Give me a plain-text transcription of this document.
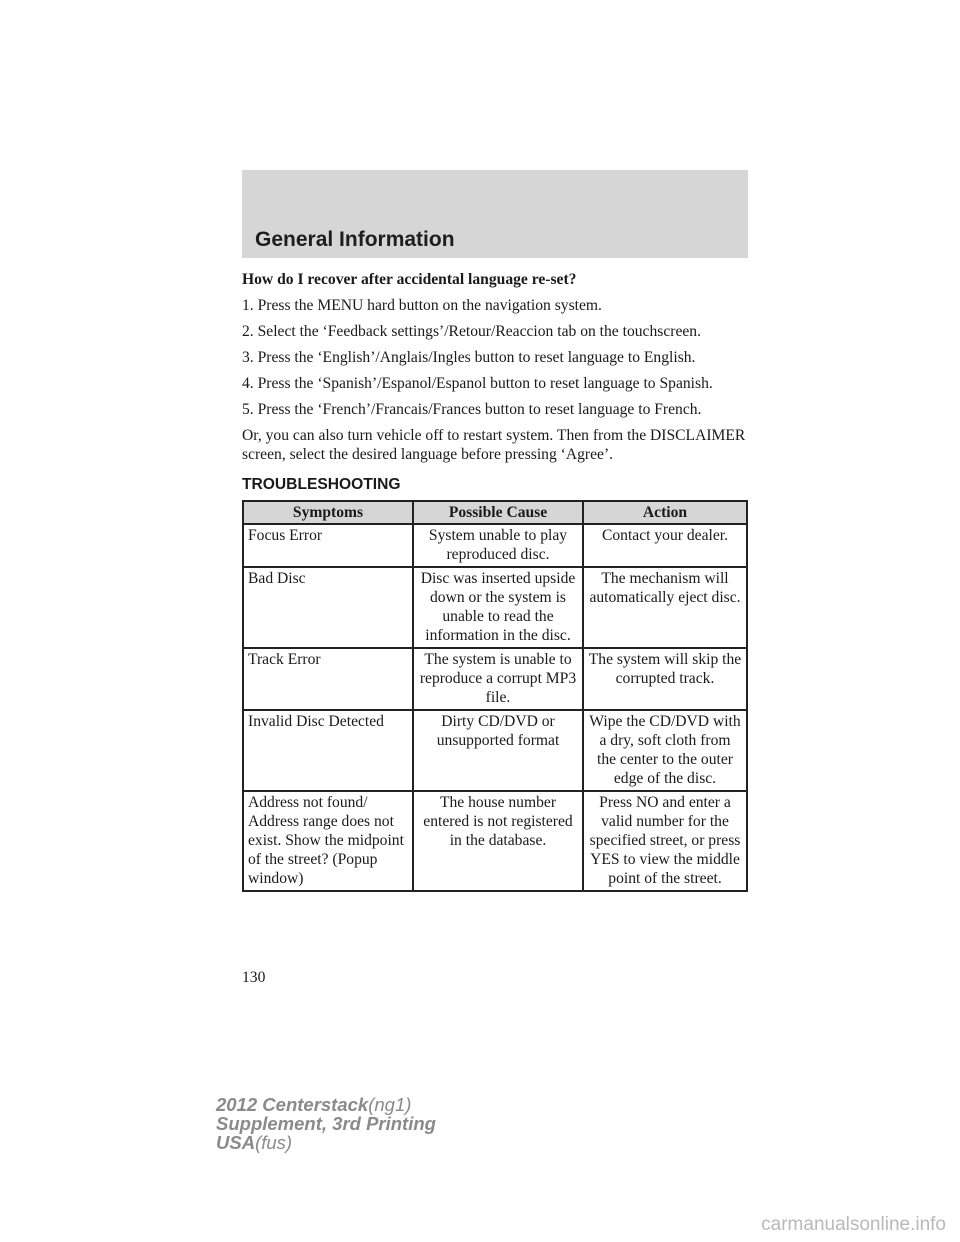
General Information

How do I recover after accidental language re-set?

1. Press the MENU hard button on the navigation system.

2. Select the ‘Feedback settings’/Retour/Reaccion tab on the touchscreen.

3. Press the ‘English’/Anglais/Ingles button to reset language to English.

4. Press the ‘Spanish’/Espanol/Espanol button to reset language to Spanish.

5. Press the ‘French’/Francais/Frances button to reset language to French.

Or, you can also turn vehicle off to restart system. Then from the DISCLAIMER screen, select the desired language before pressing ‘Agree’.

TROUBLESHOOTING
Symptoms	Possible Cause	Action
Focus Error	System unable to play reproduced disc.	Contact your dealer.
Bad Disc	Disc was inserted upside down or the system is unable to read the information in the disc.	The mechanism will automatically eject disc.
Track Error	The system is unable to reproduce a corrupt MP3 file.	The system will skip the corrupted track.
Invalid Disc Detected	Dirty CD/DVD or unsupported format	Wipe the CD/DVD with a dry, soft cloth from the center to the outer edge of the disc.
Address not found/ Address range does not exist. Show the midpoint of the street? (Popup window)	The house number entered is not registered in the database.	Press NO and enter a valid number for the specified street, or press YES to view the middle point of the street.
130
2012 Centerstack(ng1)
Supplement, 3rd Printing
USA(fus)
carmanualsonline.info
